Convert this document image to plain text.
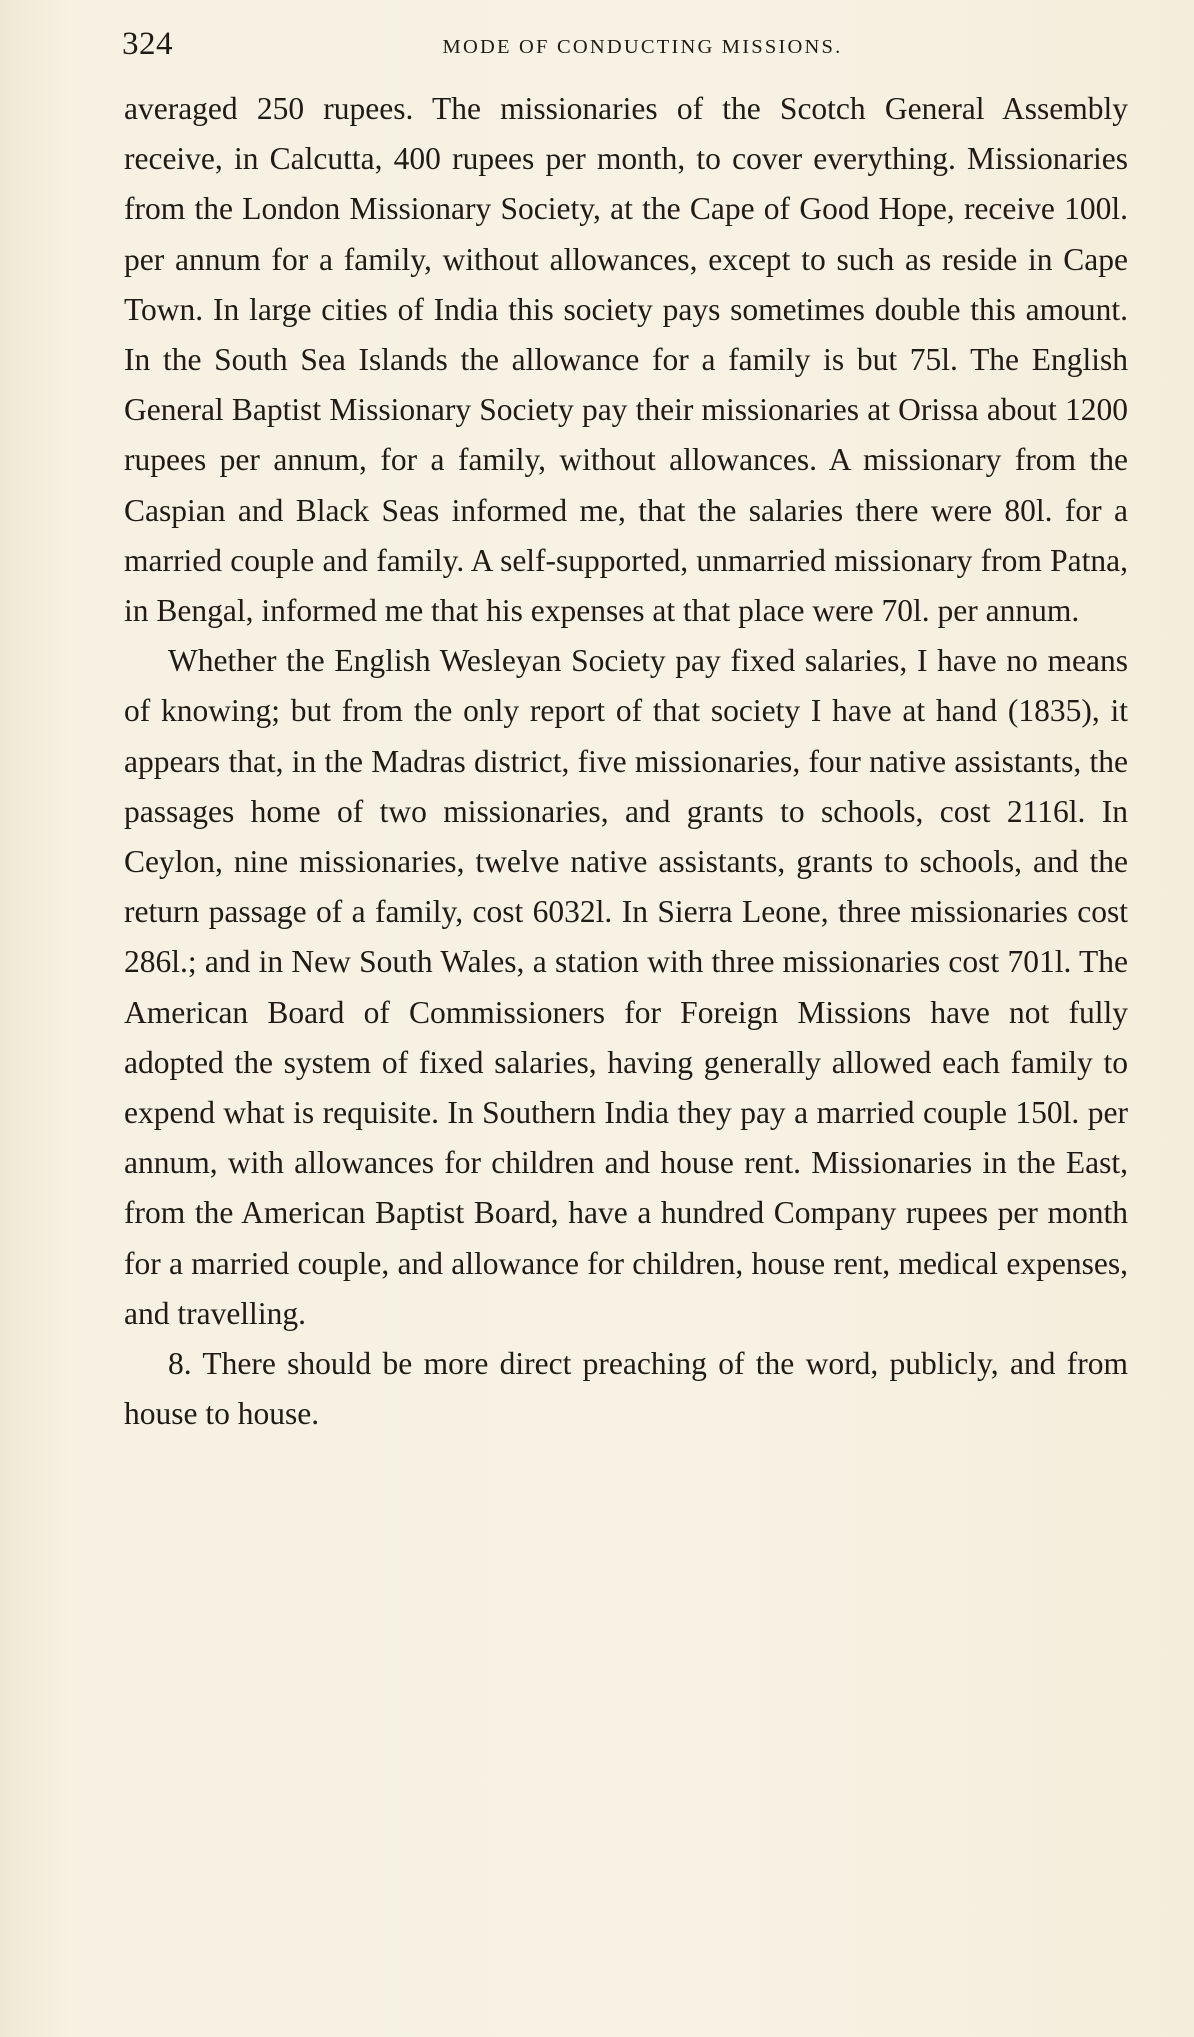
324	MODE OF CONDUCTING MISSIONS.

averaged 250 rupees. The missionaries of the Scotch General Assembly receive, in Calcutta, 400 rupees per month, to cover everything. Missionaries from the London Missionary Society, at the Cape of Good Hope, receive 100l. per annum for a family, without allowances, except to such as reside in Cape Town. In large cities of India this society pays sometimes double this amount. In the South Sea Islands the allowance for a family is but 75l. The English General Baptist Missionary Society pay their missionaries at Orissa about 1200 rupees per annum, for a family, without allowances. A missionary from the Caspian and Black Seas informed me, that the salaries there were 80l. for a married couple and family. A self-supported, unmarried missionary from Patna, in Bengal, informed me that his expenses at that place were 70l. per annum.

Whether the English Wesleyan Society pay fixed salaries, I have no means of knowing; but from the only report of that society I have at hand (1835), it appears that, in the Madras district, five missionaries, four native assistants, the passages home of two missionaries, and grants to schools, cost 2116l. In Ceylon, nine missionaries, twelve native assistants, grants to schools, and the return passage of a family, cost 6032l. In Sierra Leone, three missionaries cost 286l.; and in New South Wales, a station with three missionaries cost 701l. The American Board of Commissioners for Foreign Missions have not fully adopted the system of fixed salaries, having generally allowed each family to expend what is requisite. In Southern India they pay a married couple 150l. per annum, with allowances for children and house rent. Missionaries in the East, from the American Baptist Board, have a hundred Company rupees per month for a married couple, and allowance for children, house rent, medical expenses, and travelling.

8. There should be more direct preaching of the word, publicly, and from house to house.
